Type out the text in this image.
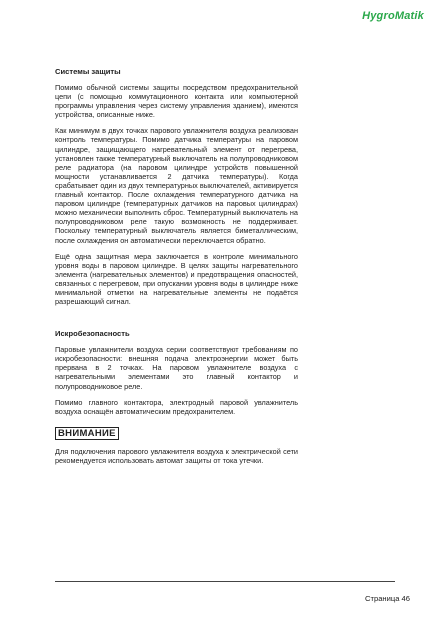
HygroMatik
Системы защиты

Помимо обычной системы защиты посредством предохранительной цепи (с помощью коммутационного контакта или компьютерной программы управления через систему управления зданием), имеются устройства, описанные ниже.

Как минимум в двух точках парового увлажнителя воздуха реализован контроль температуры. Помимо датчика температуры на паровом цилиндре, защищающего нагревательный элемент от перегрева, установлен также температурный выключатель на полупроводниковом реле радиатора (на паровом цилиндре устройств повышенной мощности устанавливается 2 датчика температуры). Когда срабатывает один из двух температурных выключателей, активируется главный контактор. После охлаждения температурного датчика на паровом цилиндре (температурных датчиков на паровых цилиндрах) можно механически выполнить сброс. Температурный выключатель на полупроводниковом реле такую возможность не поддерживает. Поскольку температурный выключатель является биметаллическим, после охлаждения он автоматически переключается обратно.

Ещё одна защитная мера заключается в контроле минимального уровня воды в паровом цилиндре. В целях защиты нагревательного элемента (нагревательных элементов) и предотвращения опасностей, связанных с перегревом, при опускании уровня воды в цилиндре ниже минимальной отметки на нагревательные элементы не подаётся разрешающий сигнал.

Искробезопасность

Паровые увлажнители воздуха серии соответствуют требованиям по искробезопасности: внешняя подача электроэнергии может быть прервана в 2 точках. На паровом увлажнителе воздуха с нагревательными элементами это главный контактор и полупроводниковое реле.

Помимо главного контактора, электродный паровой увлажнитель воздуха оснащён автоматическим предохранителем.

ВНИМАНИЕ

Для подключения парового увлажнителя воздуха к электрической сети рекомендуется использовать автомат защиты от тока утечки.

Страница 46
